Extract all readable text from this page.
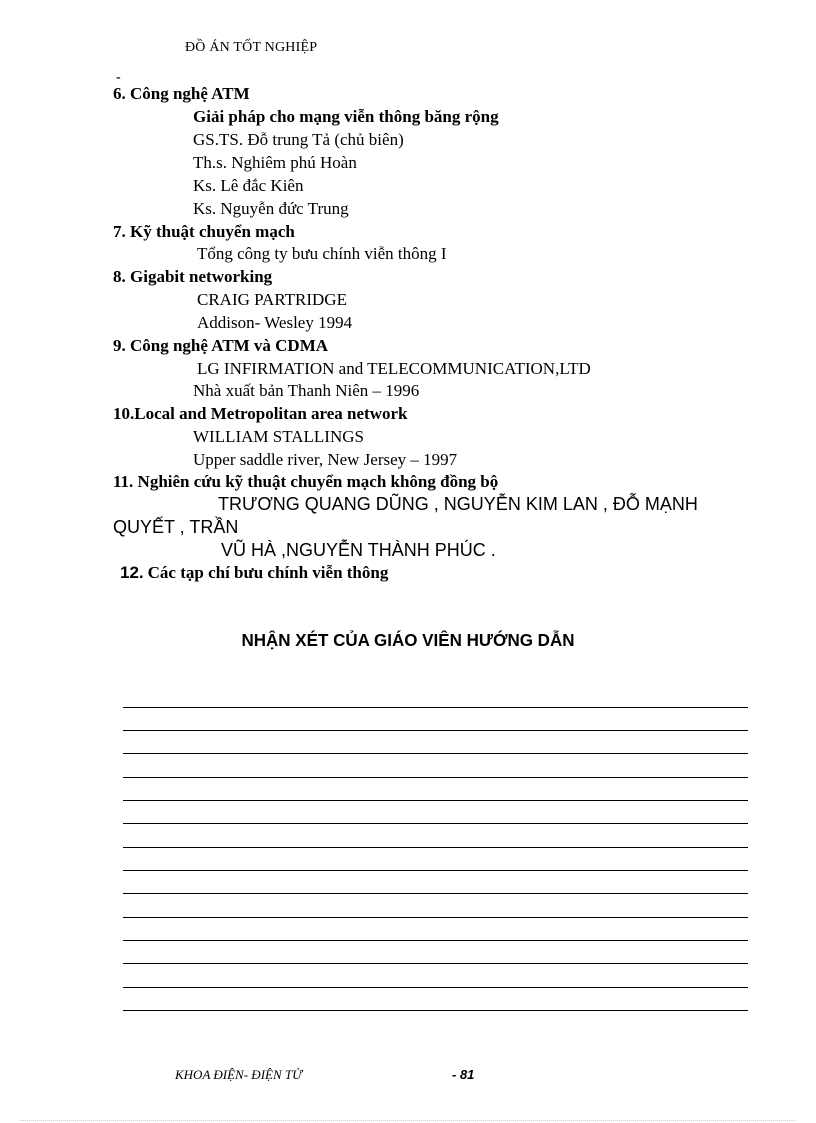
ĐỒ ÁN TỐT NGHIỆP
-
6. Công nghệ ATM
Giải pháp cho mạng viễn thông băng rộng
GS.TS. Đỗ trung Tả (chủ biên)
Th.s. Nghiêm phú Hoàn
Ks. Lê đắc Kiên
Ks. Nguyễn đức Trung
7. Kỹ thuật chuyển mạch
Tổng công ty bưu chính viễn thông I
8. Gigabit networking
CRAIG PARTRIDGE
Addison- Wesley 1994
9. Công nghệ ATM và CDMA
LG INFIRMATION and TELECOMMUNICATION,LTD
Nhà xuất bản Thanh Niên – 1996
10.Local and Metropolitan area network
WILLIAM STALLINGS
Upper saddle river, New Jersey – 1997
11. Nghiên cứu kỹ thuật chuyển mạch không đồng bộ
TRƯƠNG QUANG DŨNG , NGUYỄN KIM LAN , ĐỖ MẠNH
QUYẾT , TRẦN
VŨ HÀ ,NGUYỄN THÀNH PHÚC .
12. Các tạp chí bưu chính viễn thông
NHẬN XÉT CỦA GIÁO VIÊN HƯỚNG DẪN
KHOA ĐIỆN- ĐIỆN TỬ	- 81
